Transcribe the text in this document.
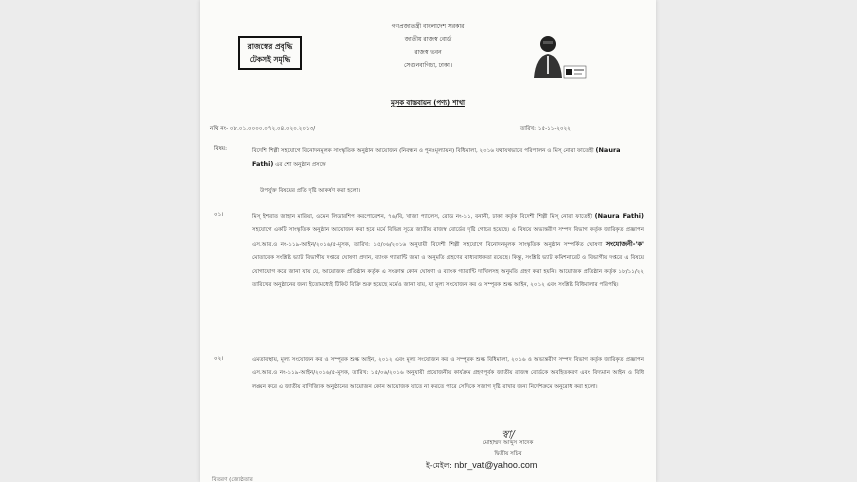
রাজস্বের প্রবৃদ্ধি
টেকসই সমৃদ্ধি
গণপ্রজাতন্ত্রী বাংলাদেশ সরকার
জাতীয় রাজস্ব বোর্ড
রাজস্ব ভবন
সেগুনবাগিচা, ঢাকা।
মূসক বাস্তবায়ন (পণ্য) শাখা
নথি নং- ০৮.০১.০০০০.০৭২.০৪.০২০.২০১৩/	তারিখ: ১৫-১১-২০২২
বিষয়:	বিদেশি শিল্পী সহযোগে বিনোদনমূলক সাংস্কৃতিক অনুষ্ঠান আয়োজন (নিবন্ধন ও পুনঃমূল্যায়ন) বিধিমালা, ২০১৬ যথাযথভাবে পরিপালন ও মিস্ নোরা ফাতেহী (Naura Fathi) এর শো অনুষ্ঠান প্রসঙ্গে
উপর্যুক্ত বিষয়ের প্রতি দৃষ্টি আকর্ষণ করা হলো।
০১।	মিস্ ইশরাত জাহান মারিয়া, ওমেন লিডারশিপ করপোরেশন, ৭৬/বি, খাজা প্যালেস, রোড নং-১১, বনানী, ঢাকা কর্তৃক বিদেশী শিল্পী মিস্ নোরা ফাতেহী (Naura Fathi) সহযোগে একটি সাংস্কৃতিক অনুষ্ঠান আয়োজন করা হবে মর্মে বিভিন্ন সূত্রে জাতীয় রাজস্ব বোর্ডের দৃষ্টি গোচর হয়েছে। এ বিষয়ে অভ্যন্তরীণ সম্পদ বিভাগ কর্তৃক জারিকৃত প্রজ্ঞাপন এস.আর.ও নং-১১৯-আইন/২০১৬/৫-মূসক, তারিখ: ১৫/০৬/২০১৬ অনুযায়ী বিদেশী শিল্পী সহযোগে বিনোদনমূলক সাংস্কৃতিক অনুষ্ঠান সম্পর্কিত ঘোষণা সংযোজনী-'ক' মোতাবেক সংশ্লিষ্ট ভ্যাট বিভাগীয় দপ্তরে ঘোষণা প্রদান, ব্যাংক গ্যারান্টি জমা ও অনুমতি গ্রহণের বাধ্যবাধকতা রয়েছে। কিন্তু, সংশ্লিষ্ট ভ্যাট কমিশনারেট ও বিভাগীয় দপ্তরে এ বিষয়ে যোগাযোগ করে জানা যায় যে, আয়োজক প্রতিষ্ঠান কর্তৃক এ সংক্রান্ত কোন ঘোষণা ও ব্যাংক গ্যারান্টি দাখিলসহ অনুমতি গ্রহণ করা হয়নি। আয়োজক প্রতিষ্ঠান কর্তৃক ১৮/১১/২২ তারিখের অনুষ্ঠানের জন্য ইতোমধ্যেই টিকিট বিক্রি শুরু হয়েছে মর্মেও জানা যায়, যা মূল্য সংযোজন কর ও সম্পূরক শুল্ক আইন, ২০১২ এবং সংশ্লিষ্ট বিধিমালার পরিপন্থি।
০২।	এমতাবস্থায়, মূল্য সংযোজন কর ও সম্পূরক শুল্ক আইন, ২০১২ এবং মূল্য সংযোজন কর ও সম্পূরক শুল্ক বিধিমালা, ২০১৬ ও অভ্যন্তরীণ সম্পদ বিভাগ কর্তৃক জারিকৃত প্রজ্ঞাপন এস.আর.ও নং-১১৯-আইন/২০১৬/৫-মূসক, তারিখ: ১৫/০৬/২০১৬ অনুযায়ী প্রয়োজনীয় কার্যক্রম গ্রহণপূর্বক জাতীয় রাজস্ব বোর্ডকে অবহিতকরণ এবং বিদ্যমান আইন ও বিধি লঙ্ঘন করে এ জাতীয় বাণিজ্যিক অনুষ্ঠানের আয়োজন কোন আয়োজক যাতে না করতে পারে সেদিকে সজাগ দৃষ্টি রাখার জন্য নির্দেশক্রমে অনুরোধ করা হলো।
স্বা/
মোহাম্মদ আব্দুস সাদেক
দ্বিতীয় সচিব
ই-মেইল: nbr_vat@yahoo.com
বিতরণ (জ্যেষ্ঠতার
